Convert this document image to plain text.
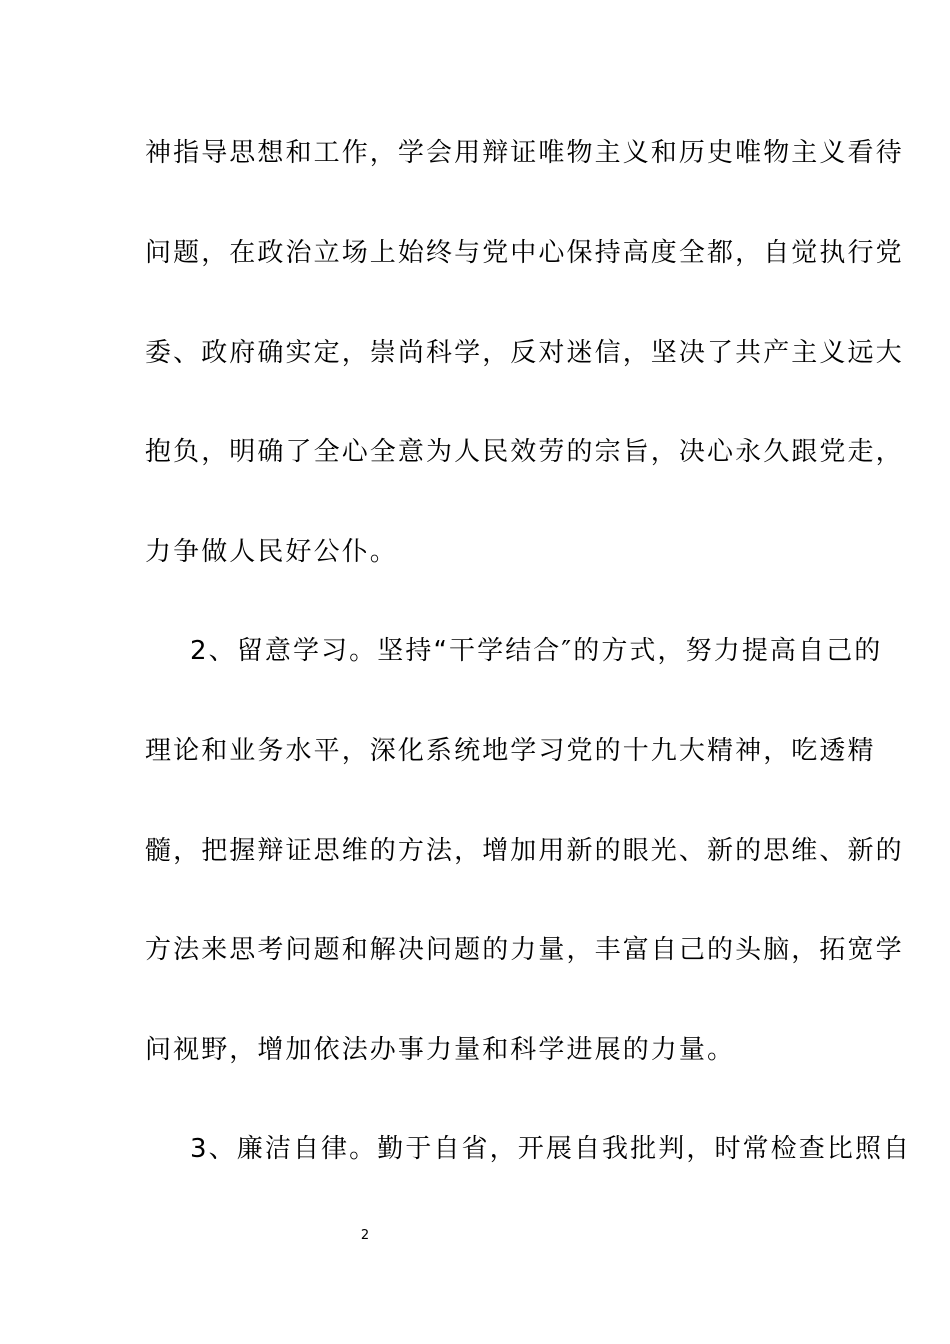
神指导思想和工作，学会用辩证唯物主义和历史唯物主义看待
问题，在政治立场上始终与党中心保持高度全都，自觉执行党
委、政府确实定，崇尚科学，反对迷信，坚决了共产主义远大
抱负，明确了全心全意为人民效劳的宗旨，决心永久跟党走，
力争做人民好公仆。
2、留意学习。坚持“干学结合″的方式，努力提高自己的
理论和业务水平，深化系统地学习党的十九大精神，吃透精
髓，把握辩证思维的方法，增加用新的眼光、新的思维、新的
方法来思考问题和解决问题的力量，丰富自己的头脑，拓宽学
问视野，增加依法办事力量和科学进展的力量。
3、廉洁自律。勤于自省，开展自我批判，时常检查比照自
2
